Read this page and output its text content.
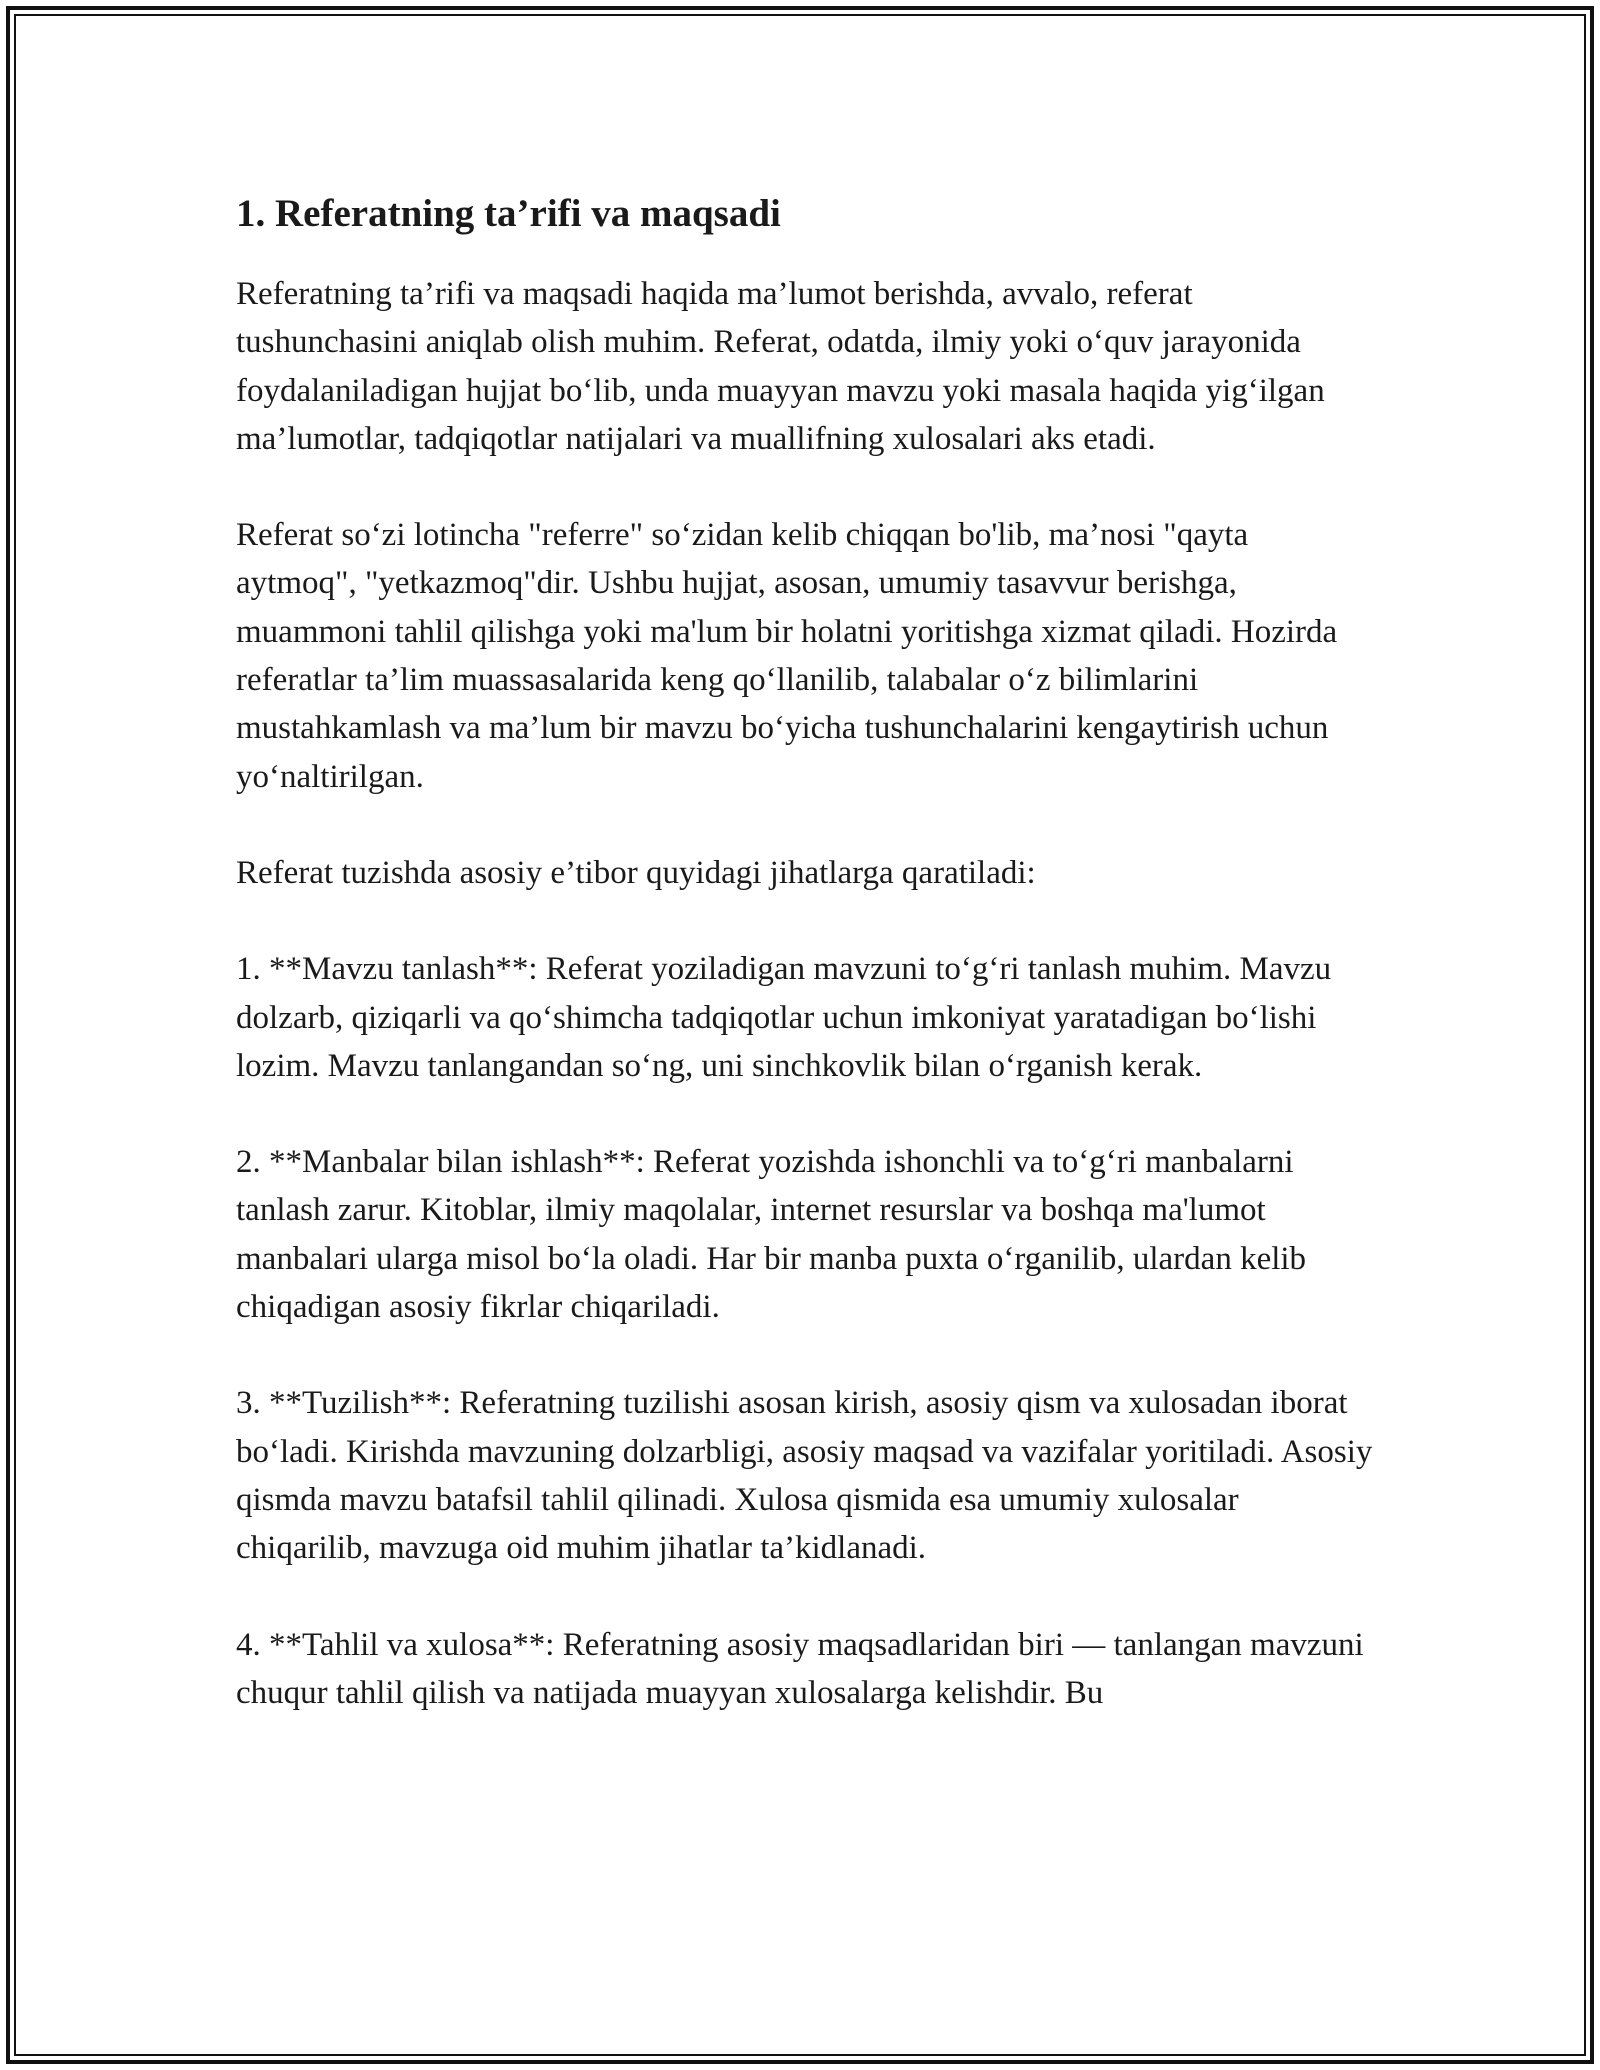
1. Referatning ta’rifi va maqsadi

Referatning ta’rifi va maqsadi haqida ma’lumot berishda, avvalo, referat tushunchasini aniqlab olish muhim. Referat, odatda, ilmiy yoki o‘quv jarayonida foydalaniladigan hujjat bo‘lib, unda muayyan mavzu yoki masala haqida yig‘ilgan ma’lumotlar, tadqiqotlar natijalari va muallifning xulosalari aks etadi.

Referat so‘zi lotincha "referre" so‘zidan kelib chiqqan bo'lib, ma’nosi "qayta aytmoq", "yetkazmoq"dir. Ushbu hujjat, asosan, umumiy tasavvur berishga, muammoni tahlil qilishga yoki ma'lum bir holatni yoritishga xizmat qiladi. Hozirda referatlar ta’lim muassasalarida keng qo‘llanilib, talabalar o‘z bilimlarini mustahkamlash va ma’lum bir mavzu bo‘yicha tushunchalarini kengaytirish uchun yo‘naltirilgan.

Referat tuzishda asosiy e’tibor quyidagi jihatlarga qaratiladi:

1. **Mavzu tanlash**: Referat yoziladigan mavzuni to‘g‘ri tanlash muhim. Mavzu dolzarb, qiziqarli va qo‘shimcha tadqiqotlar uchun imkoniyat yaratadigan bo‘lishi lozim. Mavzu tanlangandan so‘ng, uni sinchkovlik bilan o‘rganish kerak.

2. **Manbalar bilan ishlash**: Referat yozishda ishonchli va to‘g‘ri manbalarni tanlash zarur. Kitoblar, ilmiy maqolalar, internet resurslar va boshqa ma'lumot manbalari ularga misol bo‘la oladi. Har bir manba puxta o‘rganilib, ulardan kelib chiqadigan asosiy fikrlar chiqariladi.

3. **Tuzilish**: Referatning tuzilishi asosan kirish, asosiy qism va xulosadan iborat bo‘ladi. Kirishda mavzuning dolzarbligi, asosiy maqsad va vazifalar yoritiladi. Asosiy qismda mavzu batafsil tahlil qilinadi. Xulosa qismida esa umumiy xulosalar chiqarilib, mavzuga oid muhim jihatlar ta’kidlanadi.

4. **Tahlil va xulosa**: Referatning asosiy maqsadlaridan biri — tanlangan mavzuni chuqur tahlil qilish va natijada muayyan xulosalarga kelishdir. Bu
